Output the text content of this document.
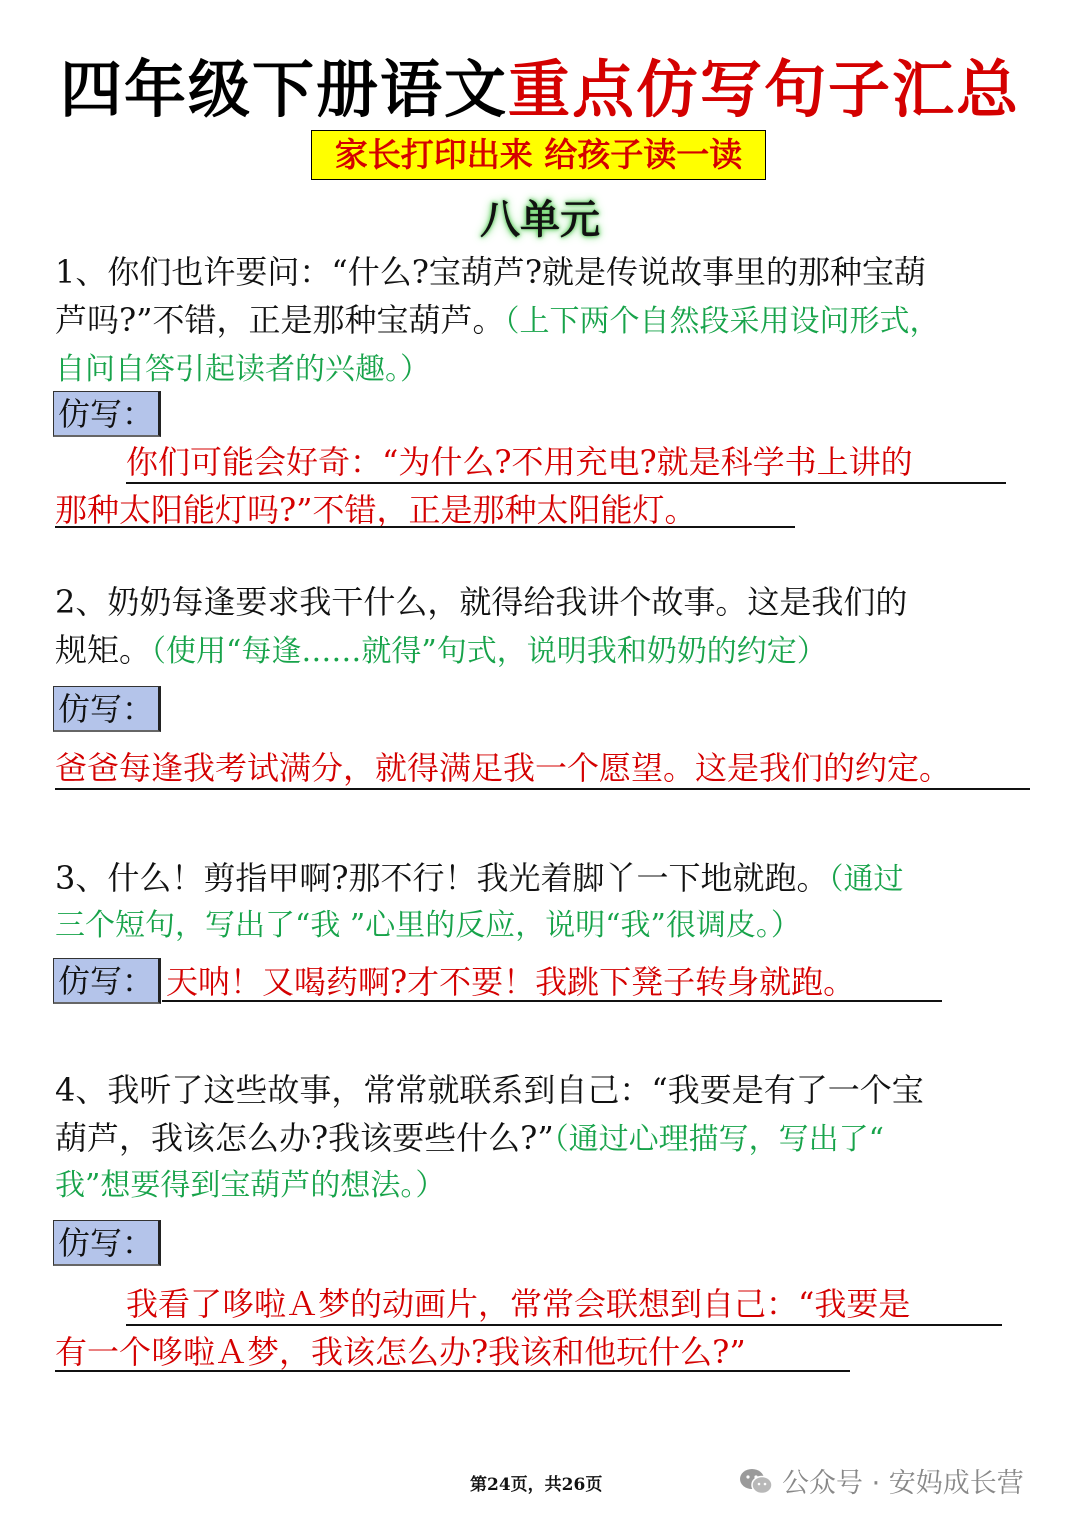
四年级下册语文重点仿写句子汇总
家长打印出来 给孩子读一读
八单元
1、你们也许要问：“什么?宝葫芦?就是传说故事里的那种宝葫
芦吗?”不错，正是那种宝葫芦。（上下两个自然段采用设问形式，
自问自答引起读者的兴趣。）
仿写：
你们可能会好奇：“为什么?不用充电?就是科学书上讲的
那种太阳能灯吗?”不错，正是那种太阳能灯。
2、奶奶每逢要求我干什么，就得给我讲个故事。这是我们的
规矩。（使用“每逢……就得”句式，说明我和奶奶的约定）
仿写：
爸爸每逢我考试满分，就得满足我一个愿望。这是我们的约定。
3、什么！剪指甲啊?那不行！我光着脚丫一下地就跑。（通过
三个短句，写出了“我 ”心里的反应，说明“我”很调皮。）
仿写： 天呐！又喝药啊?才不要！我跳下凳子转身就跑。
4、我听了这些故事，常常就联系到自己：“我要是有了一个宝
葫芦，我该怎么办?我该要些什么?”（通过心理描写，写出了“
我”想要得到宝葫芦的想法。）
仿写：
我看了哆啦Ａ梦的动画片，常常会联想到自己：“我要是
有一个哆啦Ａ梦，我该怎么办?我该和他玩什么?”
第24页，共26页	公众号 · 安妈成长营
